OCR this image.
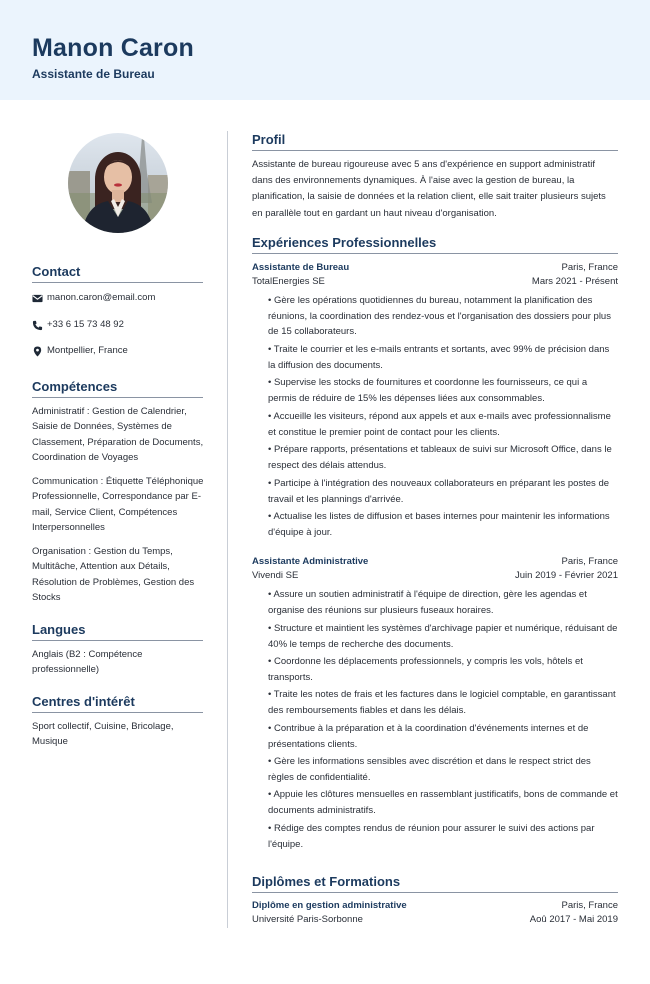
Manon Caron
Assistante de Bureau
Contact
manon.caron@email.com
+33 6 15 73 48 92
Montpellier, France
Compétences
Administratif : Gestion de Calendrier, Saisie de Données, Systèmes de Classement, Préparation de Documents, Coordination de Voyages
Communication : Étiquette Téléphonique Professionnelle, Correspondance par E-mail, Service Client, Compétences Interpersonnelles
Organisation : Gestion du Temps, Multitâche, Attention aux Détails, Résolution de Problèmes, Gestion des Stocks
Langues
Anglais (B2 : Compétence professionnelle)
Centres d'intérêt
Sport collectif, Cuisine, Bricolage, Musique
Profil
Assistante de bureau rigoureuse avec 5 ans d'expérience en support administratif dans des environnements dynamiques. À l'aise avec la gestion de bureau, la planification, la saisie de données et la relation client, elle sait traiter plusieurs sujets en parallèle tout en gardant un haut niveau d'organisation.
Expériences Professionnelles
Assistante de Bureau	Paris, France
TotalEnergies SE	Mars 2021 - Présent
• Gère les opérations quotidiennes du bureau, notamment la planification des réunions, la coordination des rendez-vous et l'organisation des dossiers pour plus de 15 collaborateurs.
• Traite le courrier et les e-mails entrants et sortants, avec 99% de précision dans la diffusion des documents.
• Supervise les stocks de fournitures et coordonne les fournisseurs, ce qui a permis de réduire de 15% les dépenses liées aux consommables.
• Accueille les visiteurs, répond aux appels et aux e-mails avec professionnalisme et constitue le premier point de contact pour les clients.
• Prépare rapports, présentations et tableaux de suivi sur Microsoft Office, dans le respect des délais attendus.
• Participe à l'intégration des nouveaux collaborateurs en préparant les postes de travail et les plannings d'arrivée.
• Actualise les listes de diffusion et bases internes pour maintenir les informations d'équipe à jour.
Assistante Administrative	Paris, France
Vivendi SE	Juin 2019 - Février 2021
• Assure un soutien administratif à l'équipe de direction, gère les agendas et organise des réunions sur plusieurs fuseaux horaires.
• Structure et maintient les systèmes d'archivage papier et numérique, réduisant de 40% le temps de recherche des documents.
• Coordonne les déplacements professionnels, y compris les vols, hôtels et transports.
• Traite les notes de frais et les factures dans le logiciel comptable, en garantissant des remboursements fiables et dans les délais.
• Contribue à la préparation et à la coordination d'événements internes et de présentations clients.
• Gère les informations sensibles avec discrétion et dans le respect strict des règles de confidentialité.
• Appuie les clôtures mensuelles en rassemblant justificatifs, bons de commande et documents administratifs.
• Rédige des comptes rendus de réunion pour assurer le suivi des actions par l'équipe.
Diplômes et Formations
Diplôme en gestion administrative	Paris, France
Université Paris-Sorbonne	Aoû 2017 - Mai 2019
